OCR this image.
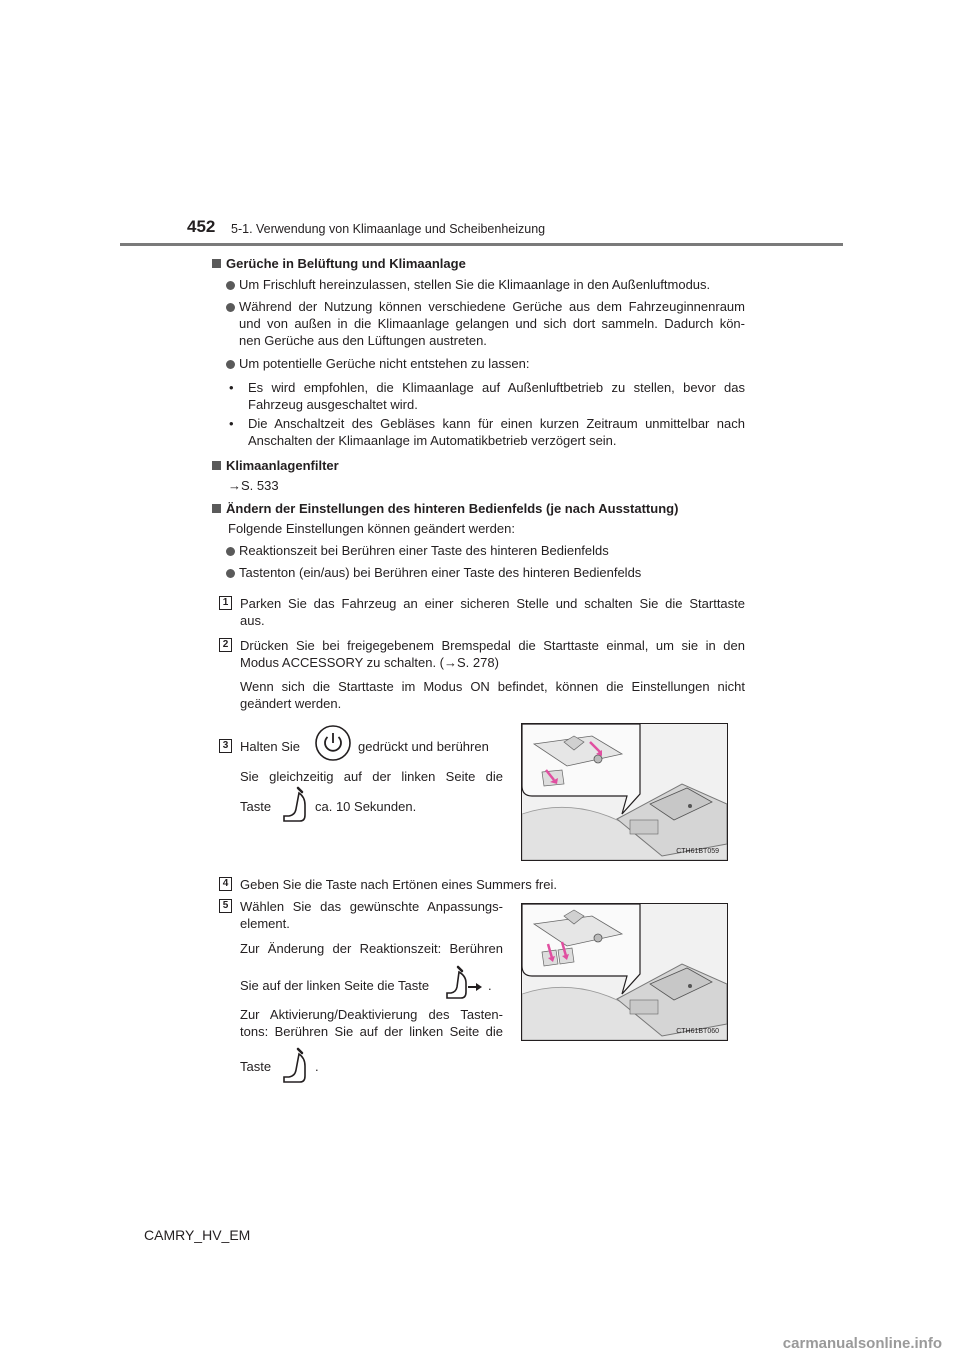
452 5-1. Verwendung von Klimaanlage und Scheibenheizung
Gerüche in Belüftung und Klimaanlage
Um Frischluft hereinzulassen, stellen Sie die Klimaanlage in den Außenluftmodus.
Während der Nutzung können verschiedene Gerüche aus dem Fahrzeuginnenraum
und von außen in die Klimaanlage gelangen und sich dort sammeln. Dadurch kön-
nen Gerüche aus den Lüftungen austreten.
Um potentielle Gerüche nicht entstehen zu lassen:
• Es wird empfohlen, die Klimaanlage auf Außenluftbetrieb zu stellen, bevor das
Fahrzeug ausgeschaltet wird.
• Die Anschaltzeit des Gebläses kann für einen kurzen Zeitraum unmittelbar nach
Anschalten der Klimaanlage im Automatikbetrieb verzögert sein.
Klimaanlagenfilter
→S. 533
Ändern der Einstellungen des hinteren Bedienfelds (je nach Ausstattung)
Folgende Einstellungen können geändert werden:
Reaktionszeit bei Berühren einer Taste des hinteren Bedienfelds
Tastenton (ein/aus) bei Berühren einer Taste des hinteren Bedienfelds
1 Parken Sie das Fahrzeug an einer sicheren Stelle und schalten Sie die Starttaste
aus.
2 Drücken Sie bei freigegebenem Bremspedal die Starttaste einmal, um sie in den
Modus ACCESSORY zu schalten. (→S. 278)
Wenn sich die Starttaste im Modus ON befindet, können die Einstellungen nicht
geändert werden.
3 Halten Sie	gedrückt und berühren
Sie gleichzeitig auf der linken Seite die
Taste	ca. 10 Sekunden.
CTH61BT059
4 Geben Sie die Taste nach Ertönen eines Summers frei.
5 Wählen Sie das gewünschte Anpassungs-
element.
Zur Änderung der Reaktionszeit: Berühren
Sie auf der linken Seite die Taste	.
Zur Aktivierung/Deaktivierung des Tasten-
tons: Berühren Sie auf der linken Seite die
Taste	.
CTH61BT060
CAMRY_HV_EM
carmanualsonline.info
